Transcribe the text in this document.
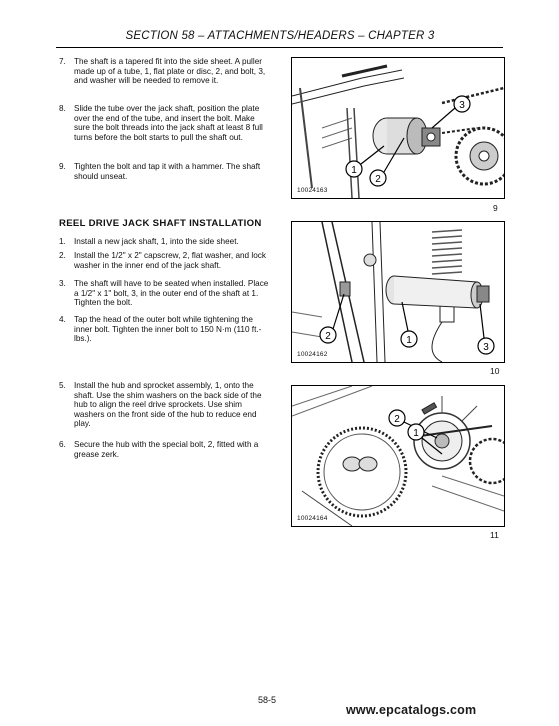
SECTION 58 – ATTACHMENTS/HEADERS – CHAPTER 3
7. The shaft is a tapered fit into the side sheet. A puller made up of a tube, 1, flat plate or disc, 2, and bolt, 3, and washer will be needed to remove it.
8. Slide the tube over the jack shaft, position the plate over the end of the tube, and insert the bolt. Make sure the bolt threads into the jack shaft at least 8 full turns before the bolt starts to pull the shaft out.
9. Tighten the bolt and tap it with a hammer. The shaft should unseat.
REEL DRIVE JACK SHAFT INSTALLATION
1. Install a new jack shaft, 1, into the side sheet.
2. Install the 1/2" x 2" capscrew, 2, flat washer, and lock washer in the inner end of the jack shaft.
3. The shaft will have to be seated when installed. Place a 1/2" x 1" bolt, 3, in the outer end of the shaft at 1. Tighten the bolt.
4. Tap the head of the outer bolt while tightening the inner bolt. Tighten the inner bolt to 150 N·m (110 ft.-lbs.).
5. Install the hub and sprocket assembly, 1, onto the shaft. Use the shim washers on the back side of the hub to align the reel drive sprockets. Use shim washers on the front side of the hub to reduce end play.
6. Secure the hub with the special bolt, 2, fitted with a grease zerk.
1
2
3
10024163
9
2	1
3
10024162
10
2
1
10024164
11
58-5
www.epcatalogs.com
